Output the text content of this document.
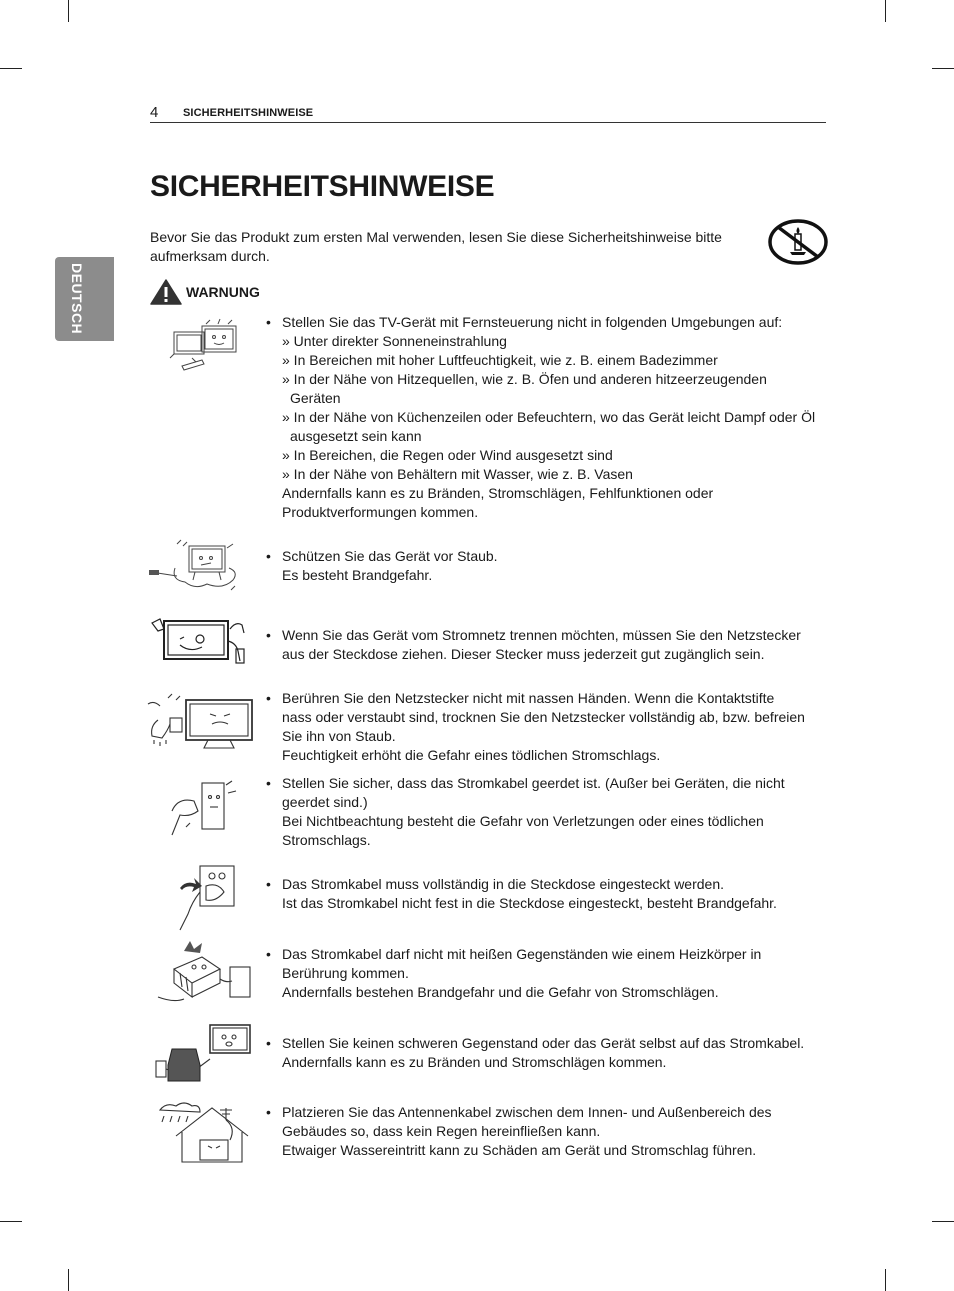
4 SICHERHEITSHINWEISE
DEUTSCH
SICHERHEITSHINWEISE

Bevor Sie das Produkt zum ersten Mal verwenden, lesen Sie diese Sicherheitshinweise bitte aufmerksam durch.

WARNUNG
• Stellen Sie das TV-Gerät mit Fernsteuerung nicht in folgenden Umgebungen auf:
» Unter direkter Sonneneinstrahlung
» In Bereichen mit hoher Luftfeuchtigkeit, wie z. B. einem Badezimmer
» In der Nähe von Hitzequellen, wie z. B. Öfen und anderen hitzeerzeugenden
Geräten
» In der Nähe von Küchenzeilen oder Befeuchtern, wo das Gerät leicht Dampf oder Öl
ausgesetzt sein kann
» In Bereichen, die Regen oder Wind ausgesetzt sind
» In der Nähe von Behältern mit Wasser, wie z. B. Vasen
Andernfalls kann es zu Bränden, Stromschlägen, Fehlfunktionen oder
Produktverformungen kommen.
• Schützen Sie das Gerät vor Staub.
Es besteht Brandgefahr.
• Wenn Sie das Gerät vom Stromnetz trennen möchten, müssen Sie den Netzstecker
aus der Steckdose ziehen. Dieser Stecker muss jederzeit gut zugänglich sein.
• Berühren Sie den Netzstecker nicht mit nassen Händen. Wenn die Kontaktstifte
nass oder verstaubt sind, trocknen Sie den Netzstecker vollständig ab, bzw. befreien
Sie ihn von Staub.
Feuchtigkeit erhöht die Gefahr eines tödlichen Stromschlags.
• Stellen Sie sicher, dass das Stromkabel geerdet ist. (Außer bei Geräten, die nicht
geerdet sind.)
Bei Nichtbeachtung besteht die Gefahr von Verletzungen oder eines tödlichen
Stromschlags.
• Das Stromkabel muss vollständig in die Steckdose eingesteckt werden.
Ist das Stromkabel nicht fest in die Steckdose eingesteckt, besteht Brandgefahr.
• Das Stromkabel darf nicht mit heißen Gegenständen wie einem Heizkörper in
Berührung kommen.
Andernfalls bestehen Brandgefahr und die Gefahr von Stromschlägen.
• Stellen Sie keinen schweren Gegenstand oder das Gerät selbst auf das Stromkabel.
Andernfalls kann es zu Bränden und Stromschlägen kommen.
• Platzieren Sie das Antennenkabel zwischen dem Innen- und Außenbereich des
Gebäudes so, dass kein Regen hereinfließen kann.
Etwaiger Wassereintritt kann zu Schäden am Gerät und Stromschlag führen.
